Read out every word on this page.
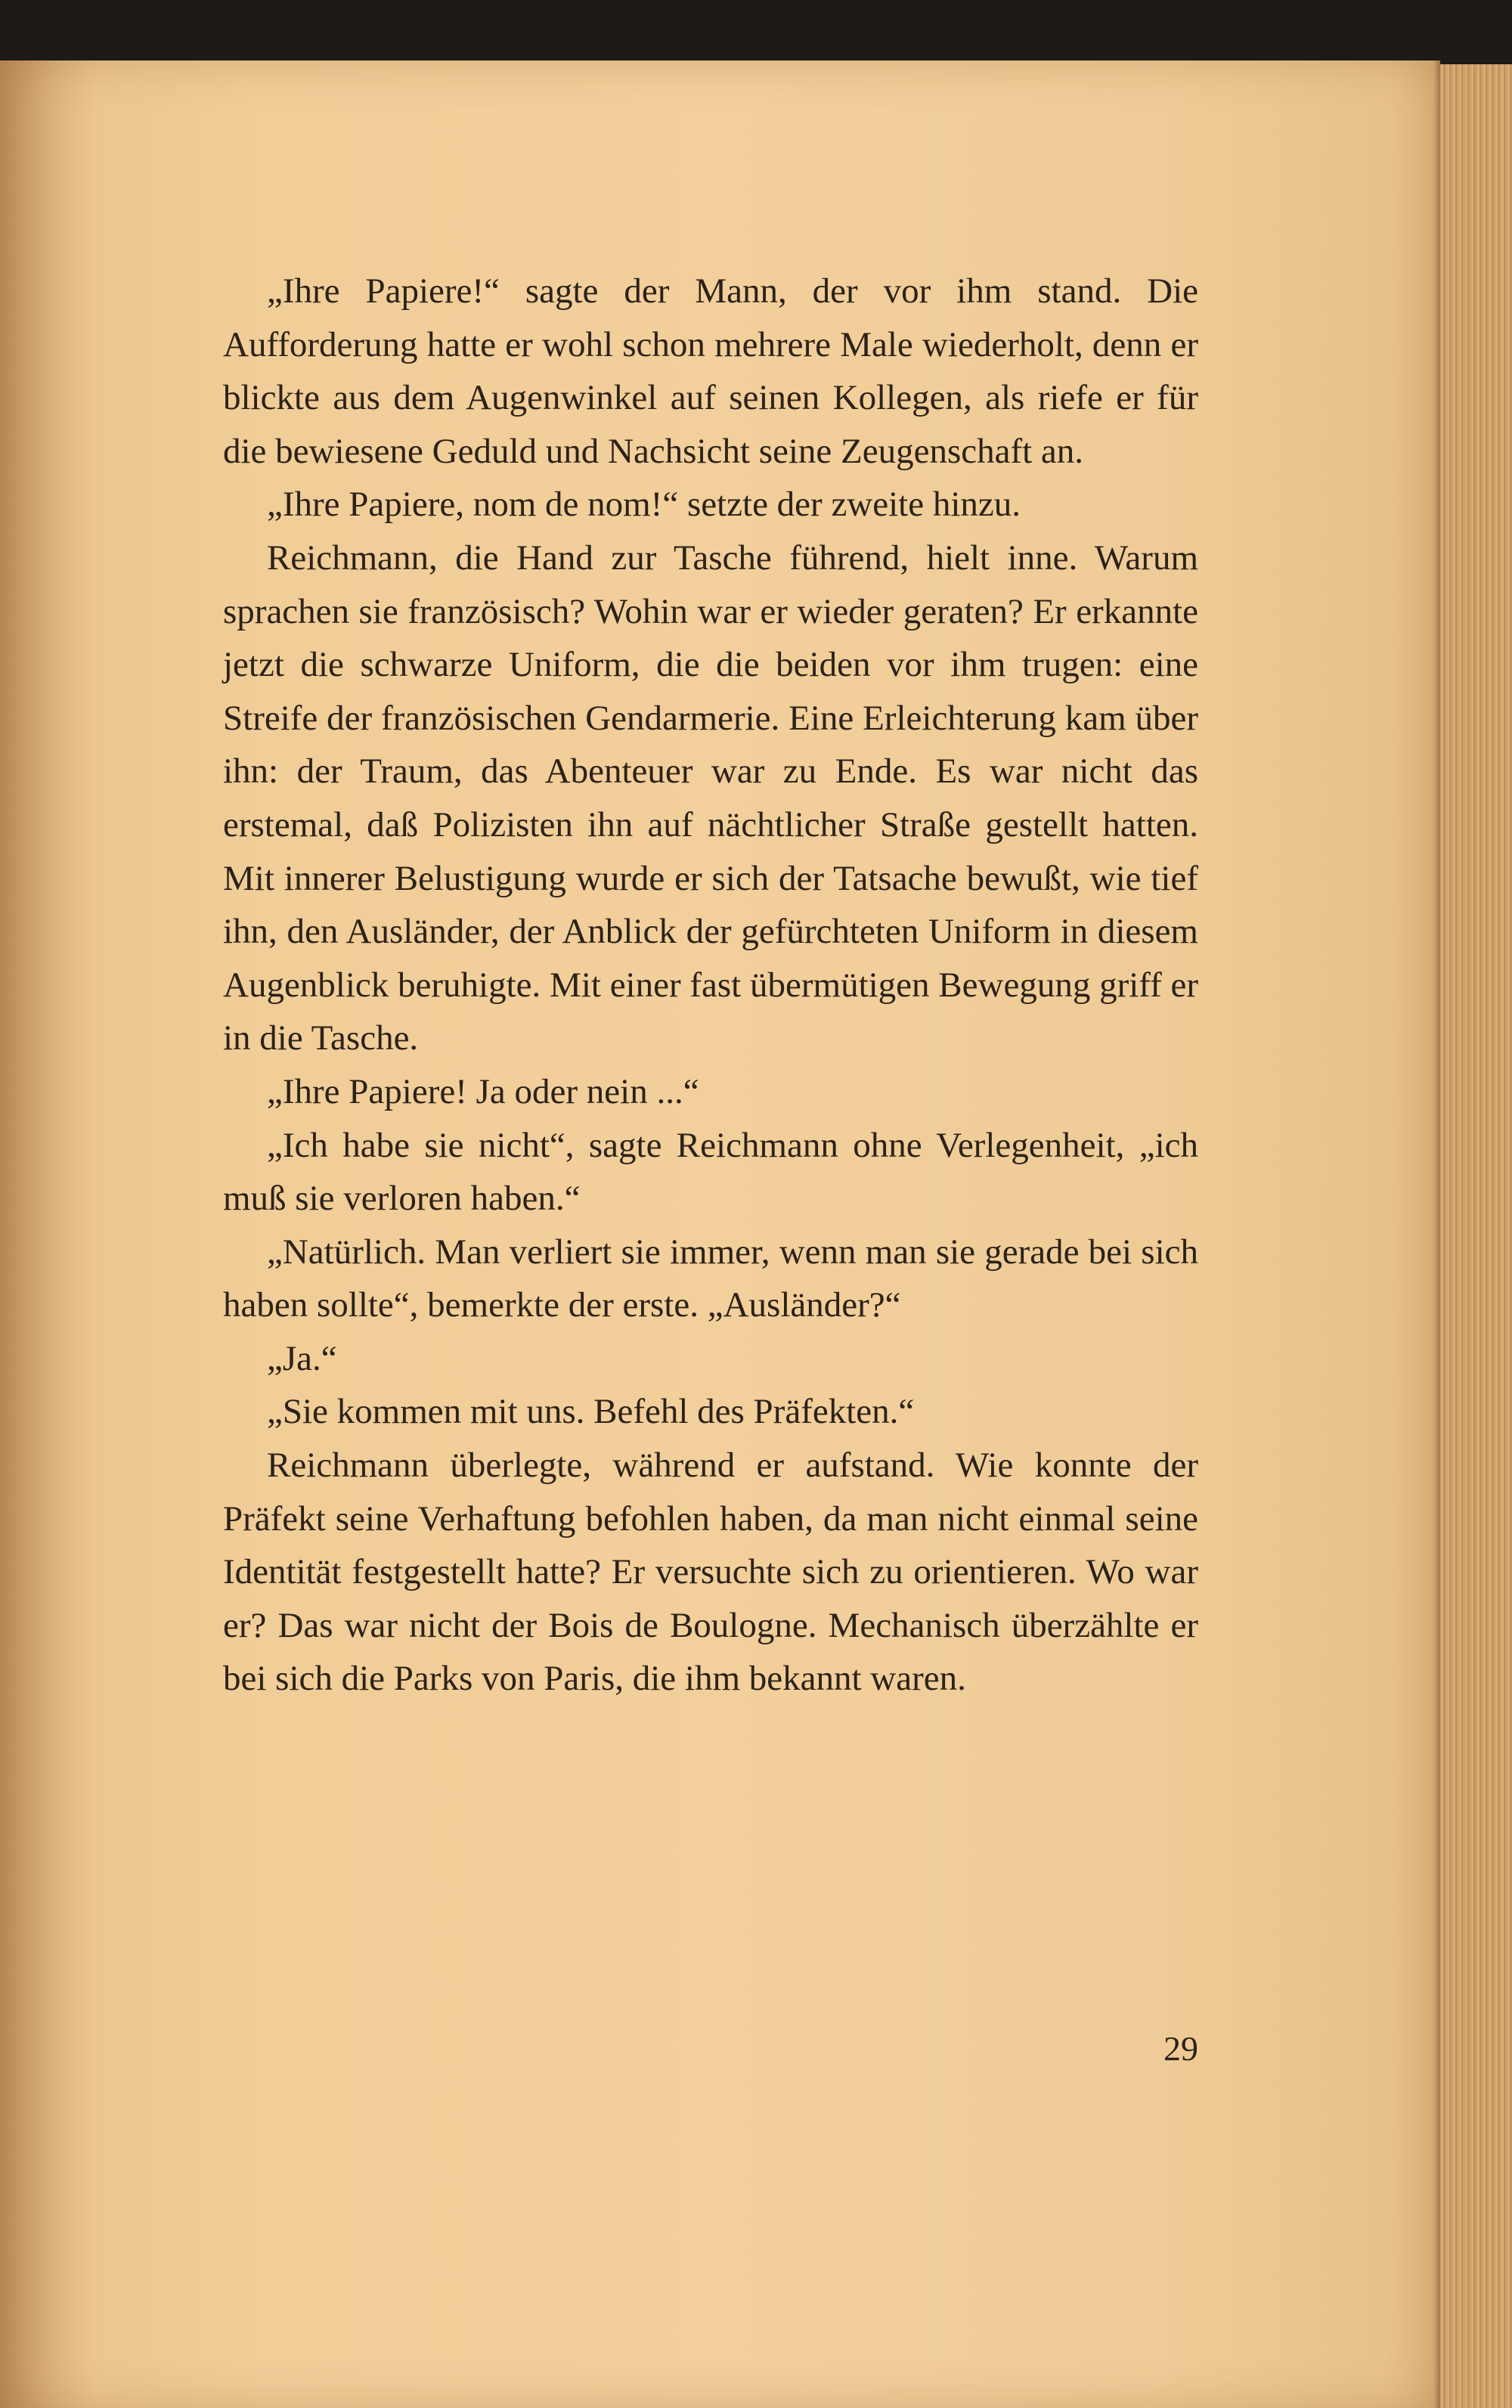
„Ihre Papiere!“ sagte der Mann, der vor ihm stand. Die Aufforderung hatte er wohl schon mehrere Male wiederholt, denn er blickte aus dem Augenwinkel auf seinen Kollegen, als riefe er für die bewiesene Geduld und Nachsicht seine Zeugenschaft an.

„Ihre Papiere, nom de nom!“ setzte der zweite hinzu.

Reichmann, die Hand zur Tasche führend, hielt inne. Warum sprachen sie französisch? Wohin war er wieder geraten? Er erkannte jetzt die schwarze Uniform, die die beiden vor ihm trugen: eine Streife der französischen Gendarmerie. Eine Erleichterung kam über ihn: der Traum, das Abenteuer war zu Ende. Es war nicht das erstemal, daß Polizisten ihn auf nächtlicher Straße gestellt hatten. Mit innerer Belustigung wurde er sich der Tatsache bewußt, wie tief ihn, den Ausländer, der Anblick der gefürchteten Uniform in diesem Augenblick beruhigte. Mit einer fast übermütigen Bewegung griff er in die Tasche.

„Ihre Papiere! Ja oder nein ...“

„Ich habe sie nicht“, sagte Reichmann ohne Verlegenheit, „ich muß sie verloren haben.“

„Natürlich. Man verliert sie immer, wenn man sie gerade bei sich haben sollte“, bemerkte der erste. „Ausländer?“

„Ja.“

„Sie kommen mit uns. Befehl des Präfekten.“

Reichmann überlegte, während er aufstand. Wie konnte der Präfekt seine Verhaftung befohlen haben, da man nicht einmal seine Identität festgestellt hatte? Er versuchte sich zu orientieren. Wo war er? Das war nicht der Bois de Boulogne. Mechanisch überzählte er bei sich die Parks von Paris, die ihm bekannt waren.

29
